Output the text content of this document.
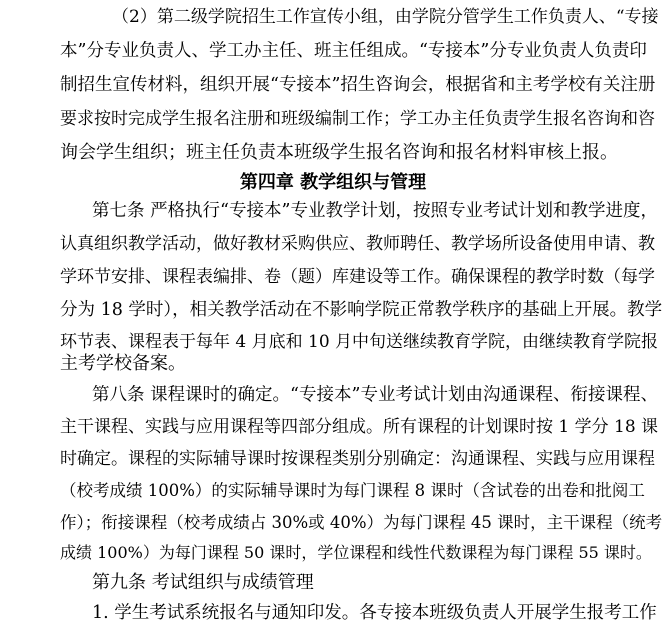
（2）第二级学院招生工作宣传小组，由学院分管学生工作负责人、“专接
本”分专业负责人、学工办主任、班主任组成。“专接本”分专业负责人负责印
制招生宣传材料，组织开展“专接本”招生咨询会，根据省和主考学校有关注册
要求按时完成学生报名注册和班级编制工作；学工办主任负责学生报名咨询和咨
询会学生组织；班主任负责本班级学生报名咨询和报名材料审核上报。
第四章 教学组织与管理
第七条 严格执行“专接本”专业教学计划，按照专业考试计划和教学进度，
认真组织教学活动，做好教材采购供应、教师聘任、教学场所设备使用申请、教
学环节安排、课程表编排、卷（题）库建设等工作。确保课程的教学时数（每学
分为 18 学时），相关教学活动在不影响学院正常教学秩序的基础上开展。教学
环节表、课程表于每年 4 月底和 10 月中旬送继续教育学院，由继续教育学院报
主考学校备案。
第八条 课程课时的确定。“专接本”专业考试计划由沟通课程、衔接课程、
主干课程、实践与应用课程等四部分组成。所有课程的计划课时按 1 学分 18 课
时确定。课程的实际辅导课时按课程类别分别确定：沟通课程、实践与应用课程
（校考成绩 100%）的实际辅导课时为每门课程 8 课时（含试卷的出卷和批阅工
作）；衔接课程（校考成绩占 30%或 40%）为每门课程 45 课时，主干课程（统考
成绩 100%）为每门课程 50 课时，学位课程和线性代数课程为每门课程 55 课时。
第九条 考试组织与成绩管理
1. 学生考试系统报名与通知印发。各专接本班级负责人开展学生报考工作
